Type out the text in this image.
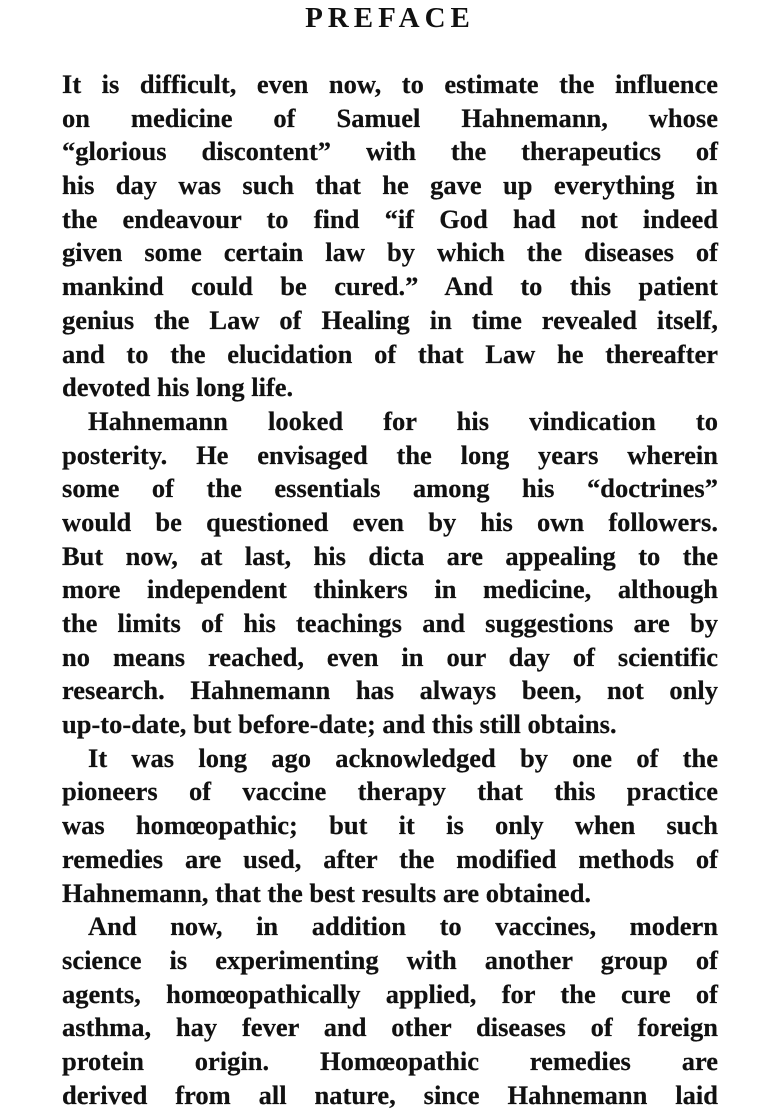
PREFACE
It is difficult, even now, to estimate the influence
on medicine of Samuel Hahnemann, whose
“glorious discontent” with the therapeutics of
his day was such that he gave up everything in
the endeavour to find “if God had not indeed
given some certain law by which the diseases of
mankind could be cured.” And to this patient
genius the Law of Healing in time revealed itself,
and to the elucidation of that Law he thereafter
devoted his long life.
Hahnemann looked for his vindication to
posterity. He envisaged the long years wherein
some of the essentials among his “doctrines”
would be questioned even by his own followers.
But now, at last, his dicta are appealing to the
more independent thinkers in medicine, although
the limits of his teachings and suggestions are by
no means reached, even in our day of scientific
research. Hahnemann has always been, not only
up-to-date, but before-date; and this still obtains.
It was long ago acknowledged by one of the
pioneers of vaccine therapy that this practice
was homœopathic; but it is only when such
remedies are used, after the modified methods of
Hahnemann, that the best results are obtained.
And now, in addition to vaccines, modern
science is experimenting with another group of
agents, homœopathically applied, for the cure of
asthma, hay fever and other diseases of foreign
protein origin. Homœopathic remedies are
derived from all nature, since Hahnemann laid
